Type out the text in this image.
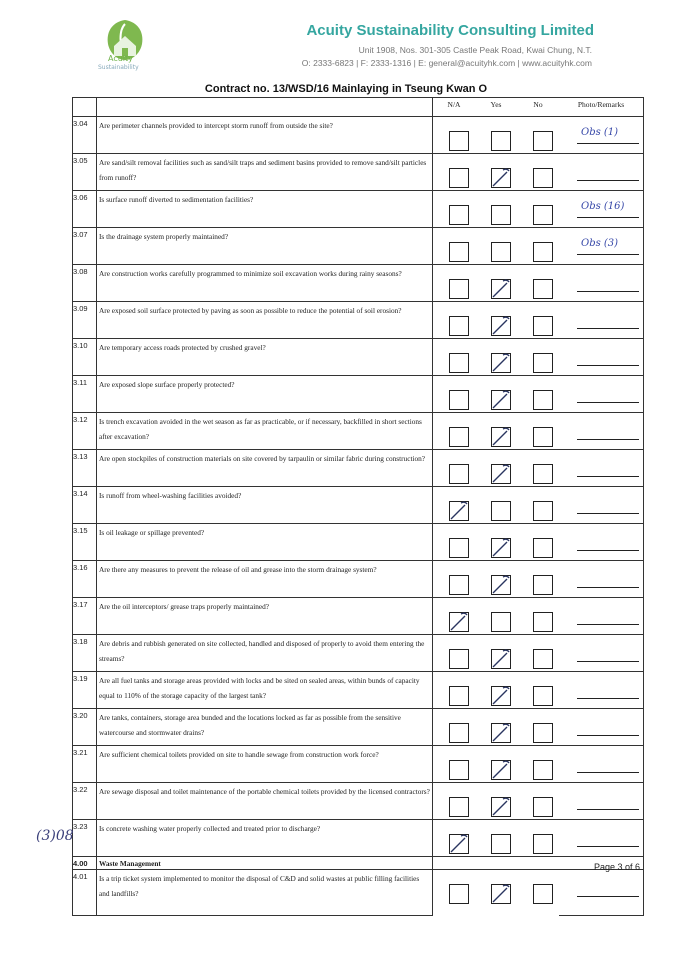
Acuity
Sustainability
Acuity Sustainability Consulting Limited
Unit 1908, Nos. 301-305 Castle Peak Road, Kwai Chung, N.T.
O: 2333-6823 | F: 2333-1316 | E: general@acuityhk.com | www.acuityhk.com
Contract no. 13/WSD/16 Mainlaying in Tseung Kwan O
		N/A	Yes	No	Photo/Remarks
3.04	Are perimeter channels provided to intercept storm runoff from outside the site?				Obs (1)

3.05	Are sand/silt removal facilities such as sand/silt traps and sediment basins provided to remove sand/silt particles from runoff?		

3.06	Is surface runoff diverted to sedimentation facilities?				Obs (16)

3.07	Is the drainage system properly maintained?				Obs (3)

3.08	Are construction works carefully programmed to minimize soil excavation works during rainy seasons?		

3.09	Are exposed soil surface protected by paving as soon as possible to reduce the potential of soil erosion?		

3.10	Are temporary access roads protected by crushed gravel?		

3.11	Are exposed slope surface properly protected?		

3.12	Is trench excavation avoided in the wet season as far as practicable, or if necessary, backfilled in short sections after excavation?		

3.13	Are open stockpiles of construction materials on site covered by tarpaulin or similar fabric during construction?		

3.14	Is runoff from wheel-washing facilities avoided?	

3.15	Is oil leakage or spillage prevented?		

3.16	Are there any measures to prevent the release of oil and grease into the storm drainage system?		

3.17	Are the oil interceptors/ grease traps properly maintained?	

3.18	Are debris and rubbish generated on site collected, handled and disposed of properly to avoid them entering the streams?		

3.19	Are all fuel tanks and storage areas provided with locks and be sited on sealed areas, within bunds of capacity equal to 110% of the storage capacity of the largest tank?		

3.20	Are tanks, containers, storage area bunded and the locations locked as far as possible from the sensitive watercourse and stormwater drains?		

3.21	Are sufficient chemical toilets provided on site to handle sewage from construction work force?		

3.22	Are sewage disposal and toilet maintenance of the portable chemical toilets provided by the licensed contractors?		

3.23	Is concrete washing water properly collected and treated prior to discharge?	

4.00	Waste Management				
4.01	Is a trip ticket system implemented to monitor the disposal of C&D and solid wastes at public filling facilities and landfills?		

(3)08
Page 3 of 6
